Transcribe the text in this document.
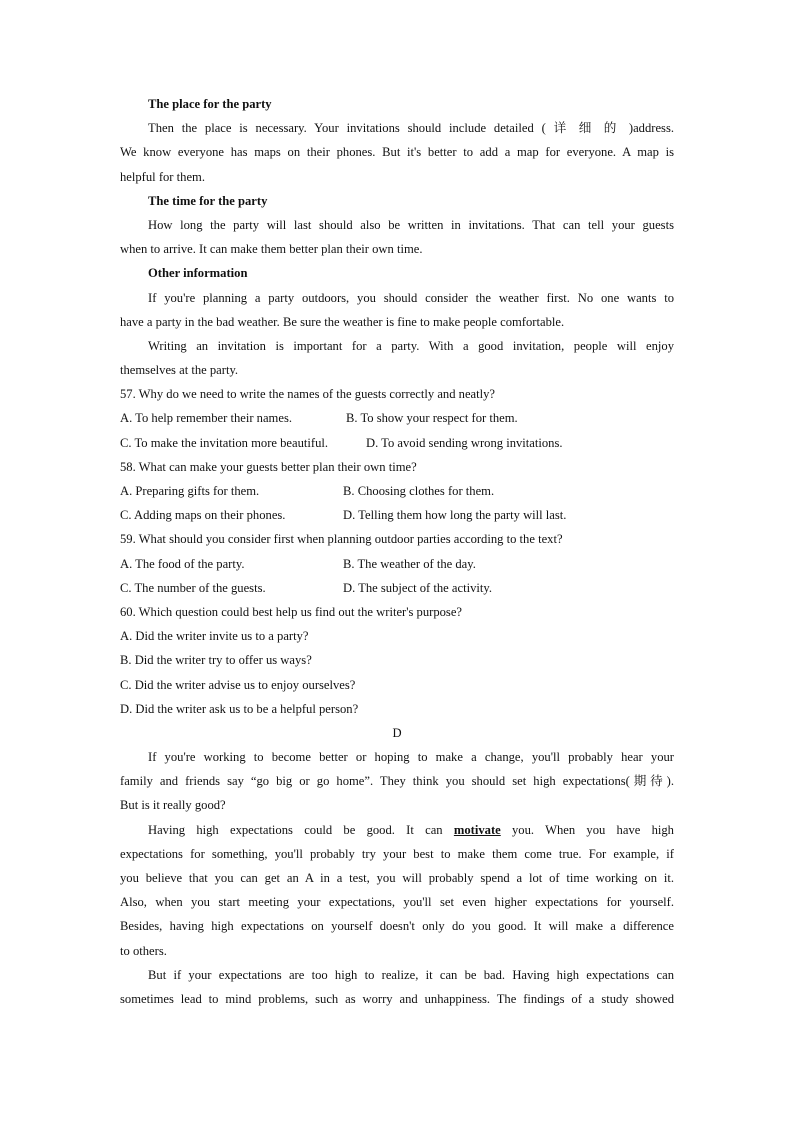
The place for the party
Then the place is necessary. Your invitations should include detailed ( 详 细 的 )address.
We know everyone has maps on their phones. But it's better to add a map for everyone. A map is
helpful for them.
The time for the party
How long the party will last should also be written in invitations. That can tell your guests
when to arrive. It can make them better plan their own time.
Other information
If you're planning a party outdoors, you should consider the weather first. No one wants to
have a party in the bad weather. Be sure the weather is fine to make people comfortable.
Writing an invitation is important for a party. With a good invitation, people will enjoy
themselves at the party.
57. Why do we need to write the names of the guests correctly and neatly?
A. To help remember their names.	B. To show your respect for them.
C. To make the invitation more beautiful.	D. To avoid sending wrong invitations.
58. What can make your guests better plan their own time?
A. Preparing gifts for them.	B. Choosing clothes for them.
C. Adding maps on their phones.	D. Telling them how long the party will last.
59. What should you consider first when planning outdoor parties according to the text?
A. The food of the party.	B. The weather of the day.
C. The number of the guests.	D. The subject of the activity.
60. Which question could best help us find out the writer's purpose?
A. Did the writer invite us to a party?
B. Did the writer try to offer us ways?
C. Did the writer advise us to enjoy ourselves?
D. Did the writer ask us to be a helpful person?
D
If you're working to become better or hoping to make a change, you'll probably hear your
family and friends say “go big or go home”. They think you should set high expectations(期待).
But is it really good?
Having high expectations could be good. It can motivate you. When you have high
expectations for something, you'll probably try your best to make them come true. For example, if
you believe that you can get an A in a test, you will probably spend a lot of time working on it.
Also, when you start meeting your expectations, you'll set even higher expectations for yourself.
Besides, having high expectations on yourself doesn't only do you good. It will make a difference
to others.
But if your expectations are too high to realize, it can be bad. Having high expectations can
sometimes lead to mind problems, such as worry and unhappiness. The findings of a study showed
